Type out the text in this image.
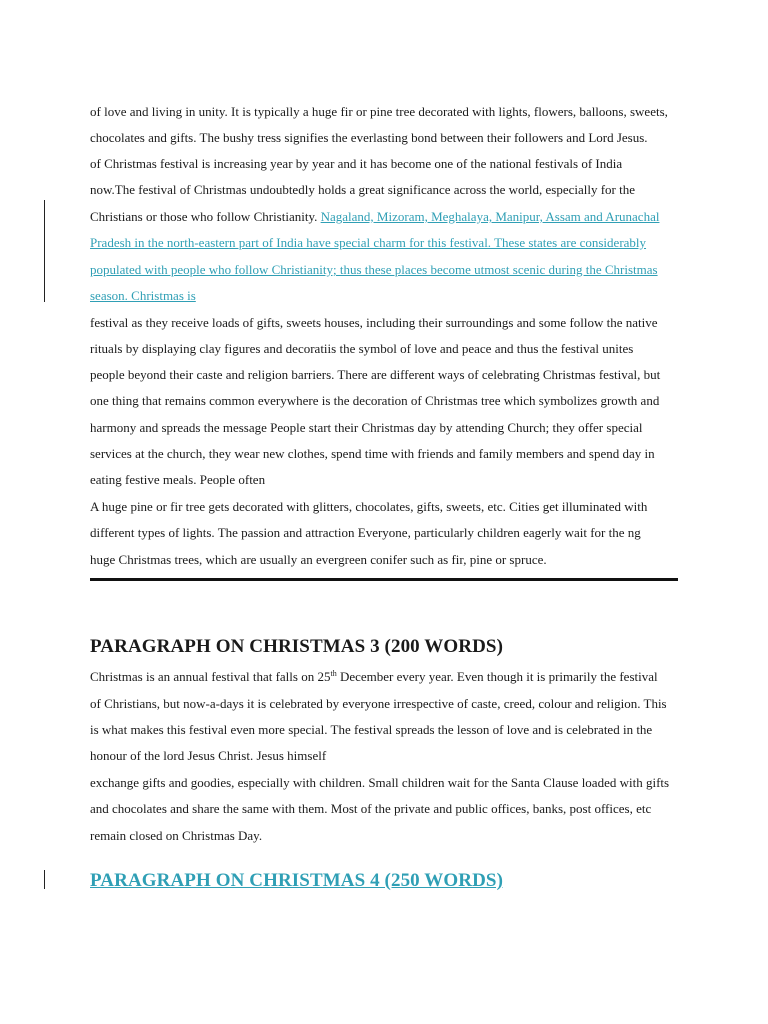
of love and living in unity. It is typically a huge fir or pine tree decorated with lights, flowers, balloons, sweets,
chocolates and gifts. The bushy tress signifies the everlasting bond between their followers and Lord Jesus.
of Christmas festival is increasing year by year and it has become one of the national festivals of India
now.The festival of Christmas undoubtedly holds a great significance across the world, especially for the
Christians or those who follow Christianity. Nagaland, Mizoram, Meghalaya, Manipur, Assam and Arunachal
Pradesh in the north-eastern part of India have special charm for this festival. These states are considerably
populated with people who follow Christianity; thus these places become utmost scenic during the Christmas
season. Christmas is
festival as they receive loads of gifts, sweets houses, including their surroundings and some follow the native
rituals by displaying clay figures and decoratiis the symbol of love and peace and thus the festival unites
people beyond their caste and religion barriers. There are different ways of celebrating Christmas festival, but
one thing that remains common everywhere is the decoration of Christmas tree which symbolizes growth and
harmony and spreads the message People start their Christmas day by attending Church; they offer special
services at the church, they wear new clothes, spend time with friends and family members and spend day in
eating festive meals. People often
A huge pine or fir tree gets decorated with glitters, chocolates, gifts, sweets, etc. Cities get illuminated with
different types of lights. The passion and attraction Everyone, particularly children eagerly wait for the ng
huge Christmas trees, which are usually an evergreen conifer such as fir, pine or spruce.
PARAGRAPH ON CHRISTMAS 3 (200 WORDS)
Christmas is an annual festival that falls on 25th December every year. Even though it is primarily the festival
of Christians, but now-a-days it is celebrated by everyone irrespective of caste, creed, colour and religion. This
is what makes this festival even more special. The festival spreads the lesson of love and is celebrated in the
honour of the lord Jesus Christ. Jesus himself
exchange gifts and goodies, especially with children. Small children wait for the Santa Clause loaded with gifts
and chocolates and share the same with them. Most of the private and public offices, banks, post offices, etc
remain closed on Christmas Day.
PARAGRAPH ON CHRISTMAS 4 (250 WORDS)
